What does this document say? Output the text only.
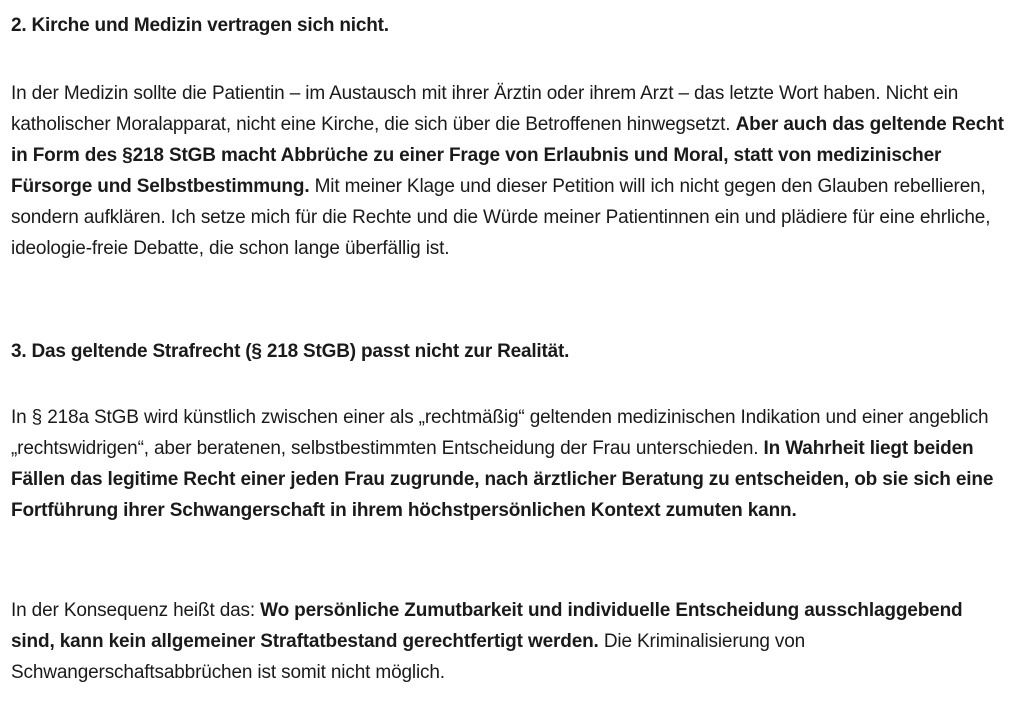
2. Kirche und Medizin vertragen sich nicht.

In der Medizin sollte die Patientin – im Austausch mit ihrer Ärztin oder ihrem Arzt – das letzte Wort haben. Nicht ein katholischer Moralapparat, nicht eine Kirche, die sich über die Betroffenen hinwegsetzt. Aber auch das geltende Recht in Form des §218 StGB macht Abbrüche zu einer Frage von Erlaubnis und Moral, statt von medizinischer Fürsorge und Selbstbestimmung. Mit meiner Klage und dieser Petition will ich nicht gegen den Glauben rebellieren, sondern aufklären. Ich setze mich für die Rechte und die Würde meiner Patientinnen ein und plädiere für eine ehrliche, ideologie-freie Debatte, die schon lange überfällig ist.

3. Das geltende Strafrecht (§ 218 StGB) passt nicht zur Realität.

In § 218a StGB wird künstlich zwischen einer als „rechtmäßig“ geltenden medizinischen Indikation und einer angeblich „rechtswidrigen“, aber beratenen, selbstbestimmten Entscheidung der Frau unterschieden. In Wahrheit liegt beiden Fällen das legitime Recht einer jeden Frau zugrunde, nach ärztlicher Beratung zu entscheiden, ob sie sich eine Fortführung ihrer Schwangerschaft in ihrem höchstpersönlichen Kontext zumuten kann.

In der Konsequenz heißt das: Wo persönliche Zumutbarkeit und individuelle Entscheidung ausschlaggebend sind, kann kein allgemeiner Straftatbestand gerechtfertigt werden. Die Kriminalisierung von Schwangerschaftsabbrüchen ist somit nicht möglich.
